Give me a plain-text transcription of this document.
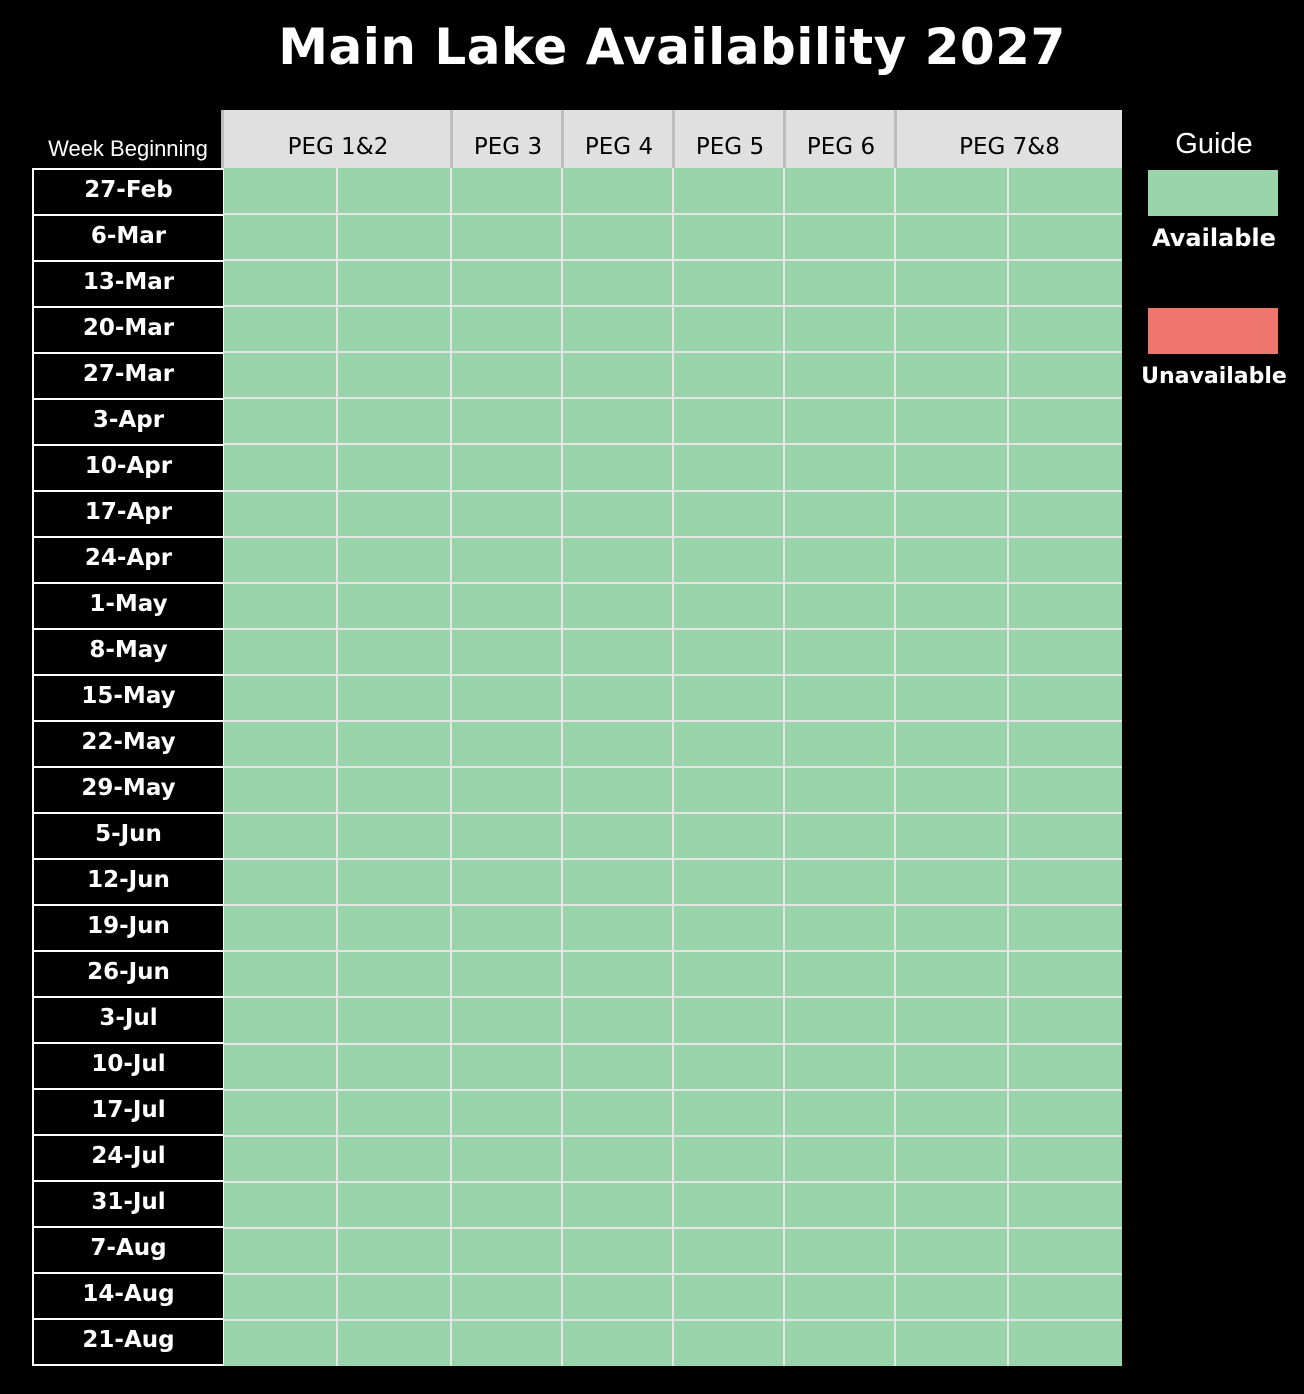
Main Lake Availability 2027
Week Beginning	PEG 1&2	PEG 3 PEG 4 PEG 5 PEG 6	PEG 7&8
27-Feb
6-Mar
13-Mar
20-Mar
27-Mar
3-Apr
10-Apr
17-Apr
24-Apr
1-May
8-May
15-May
22-May
29-May
5-Jun
12-Jun
19-Jun
26-Jun
3-Jul
10-Jul
17-Jul
24-Jul
31-Jul
7-Aug
14-Aug
21-Aug
Guide
Available
Unavailable
